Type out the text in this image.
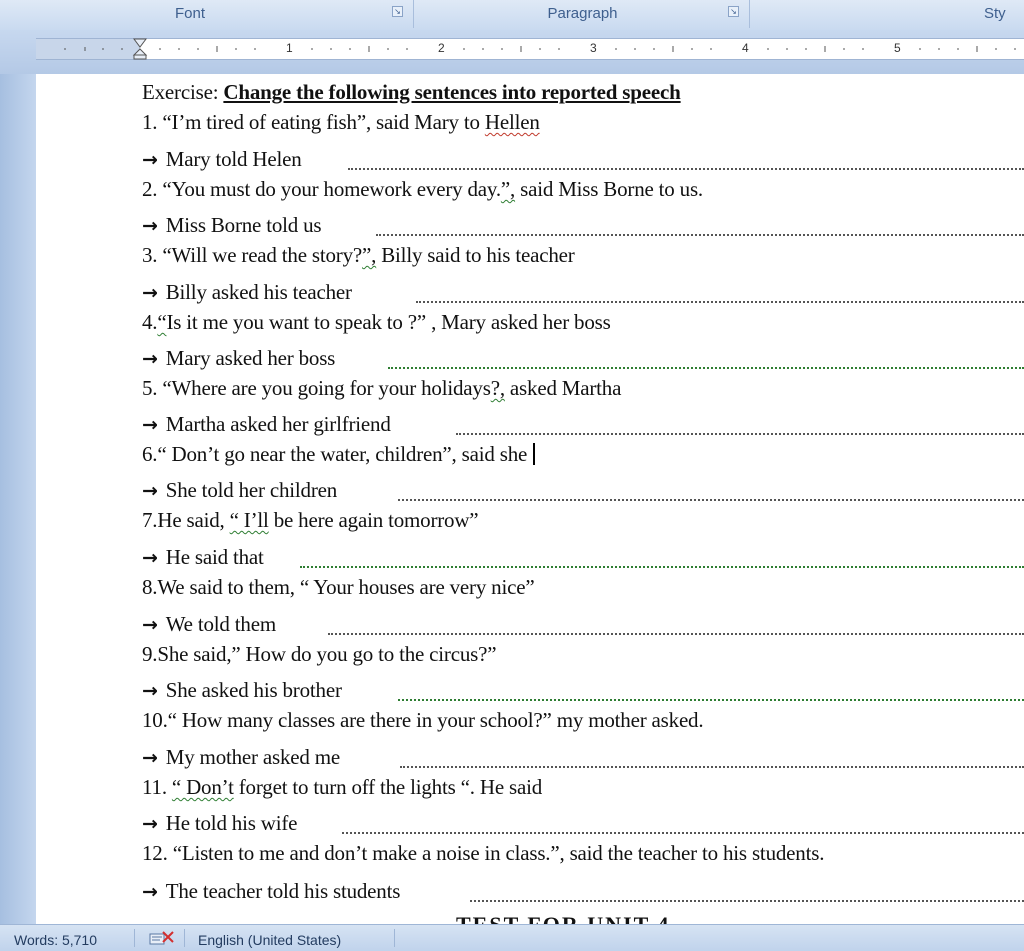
Font	↘	Paragraph	↘	Sty
1	2	3	4	5
Exercise: Change the following sentences into reported speech
1. “I’m tired of eating fish”, said Mary to Hellen
→ Mary told Helen
2. “You must do your homework every day.”, said Miss Borne to us.
→ Miss Borne told us
3. “Will we read the story?”, Billy said to his teacher
→ Billy asked his teacher
4.“Is it me you want to speak to ?” , Mary asked her boss
→ Mary asked her boss
5. “Where are you going for your holidays?, asked Martha
→ Martha asked her girlfriend
6.“ Don’t go near the water, children”, said she
→ She told her children
7.He said, “ I’ll be here again tomorrow”
→ He said that
8.We said to them, “ Your houses are very nice”
→ We told them
9.She said,” How do you go to the circus?”
→ She asked his brother
10.“ How many classes are there in your school?” my mother asked.
→ My mother asked me
11. “ Don’t forget to turn off the lights “. He said
→ He told his wife
12. “Listen to me and don’t make a noise in class.”, said the teacher to his students.
→ The teacher told his students
Words: 5,710	English (United States)
